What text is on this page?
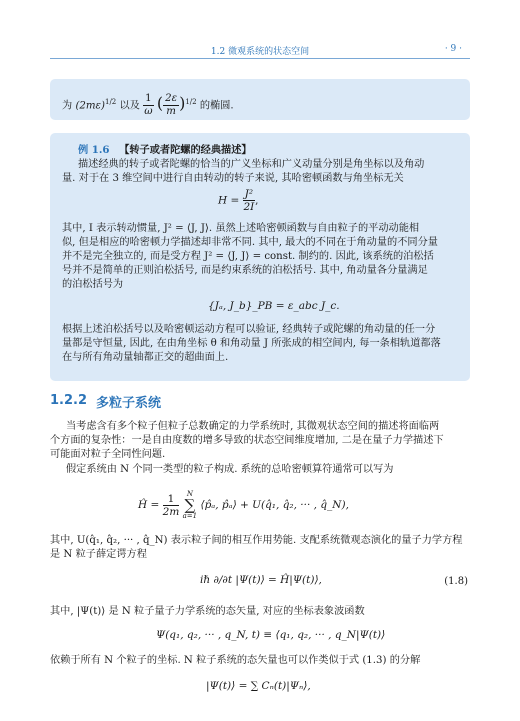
1.2 微观系统的状态空间	· 9 ·
为 $(2m\varepsilon)^{1/2}$ 以及 $\frac{1}{\omega}$ ( $\frac{2\varepsilon}{m} )^{1/2}$ 的椭圆.
例 1.6 【转子或者陀螺的经典描述】
描述经典的转子或者陀螺的恰当的广义坐标和广义动量分别是角坐标以及角动
量. 对于在 3 维空间中进行自由转动的转子来说, 其哈密顿函数与角坐标无关
$H = \frac{\text{J²}}{2I}$ ,
其中, I 表示转动惯量, J² = ⟨J, J⟩. 虽然上述哈密顿函数与自由粒子的平动动能相
似, 但是相应的哈密顿力学描述却非常不同. 其中, 最大的不同在于角动量的不同分量
并不是完全独立的, 而是受方程 J² = ⟨J, J⟩ = const. 制约的. 因此, 该系统的泊松括
号并不是简单的正则泊松括号, 而是约束系统的泊松括号. 其中, 角动量各分量满足
的泊松括号为
{Jₐ, J_b}_PB = ε_abc J_c.
根据上述泊松括号以及哈密顿运动方程可以验证, 经典转子或陀螺的角动量的任一分
量都是守恒量, 因此, 在由角坐标 θ 和角动量 J 所张成的相空间内, 每一条相轨道都落
在与所有角动量轴都正交的超曲面上.
1.2.2 多粒子系统
当考虑含有多个粒子但粒子总数确定的力学系统时, 其微观状态空间的描述将面临两
个方面的复杂性：一是自由度数的增多导致的状态空间维度增加, 二是在量子力学描述下
可能面对粒子全同性问题.
假定系统由 N 个同一类型的粒子构成. 系统的总哈密顿算符通常可以写为
Ĥ = $\frac{1}{2m}$
	N
∑
a=1
⟨p̂ₐ, p̂ₐ⟩ + U(q̂₁, q̂₂, ··· , q̂_N),
其中, U(q̂₁, q̂₂, ··· , q̂_N) 表示粒子间的相互作用势能. 支配系统微观态演化的量子力学方程
是 N 粒子薛定谔方程
iℏ ∂/∂t |Ψ(t)⟩ = Ĥ|Ψ(t)⟩,	(1.8)
其中, |Ψ(t)⟩ 是 N 粒子量子力学系统的态矢量, 对应的坐标表象波函数
Ψ(q₁, q₂, ··· , q_N, t) ≡ ⟨q₁, q₂, ··· , q_N|Ψ(t)⟩
依赖于所有 N 个粒子的坐标. N 粒子系统的态矢量也可以作类似于式 (1.3) 的分解
|Ψ(t)⟩ = ∑ Cₙ(t)|Ψₙ⟩,
